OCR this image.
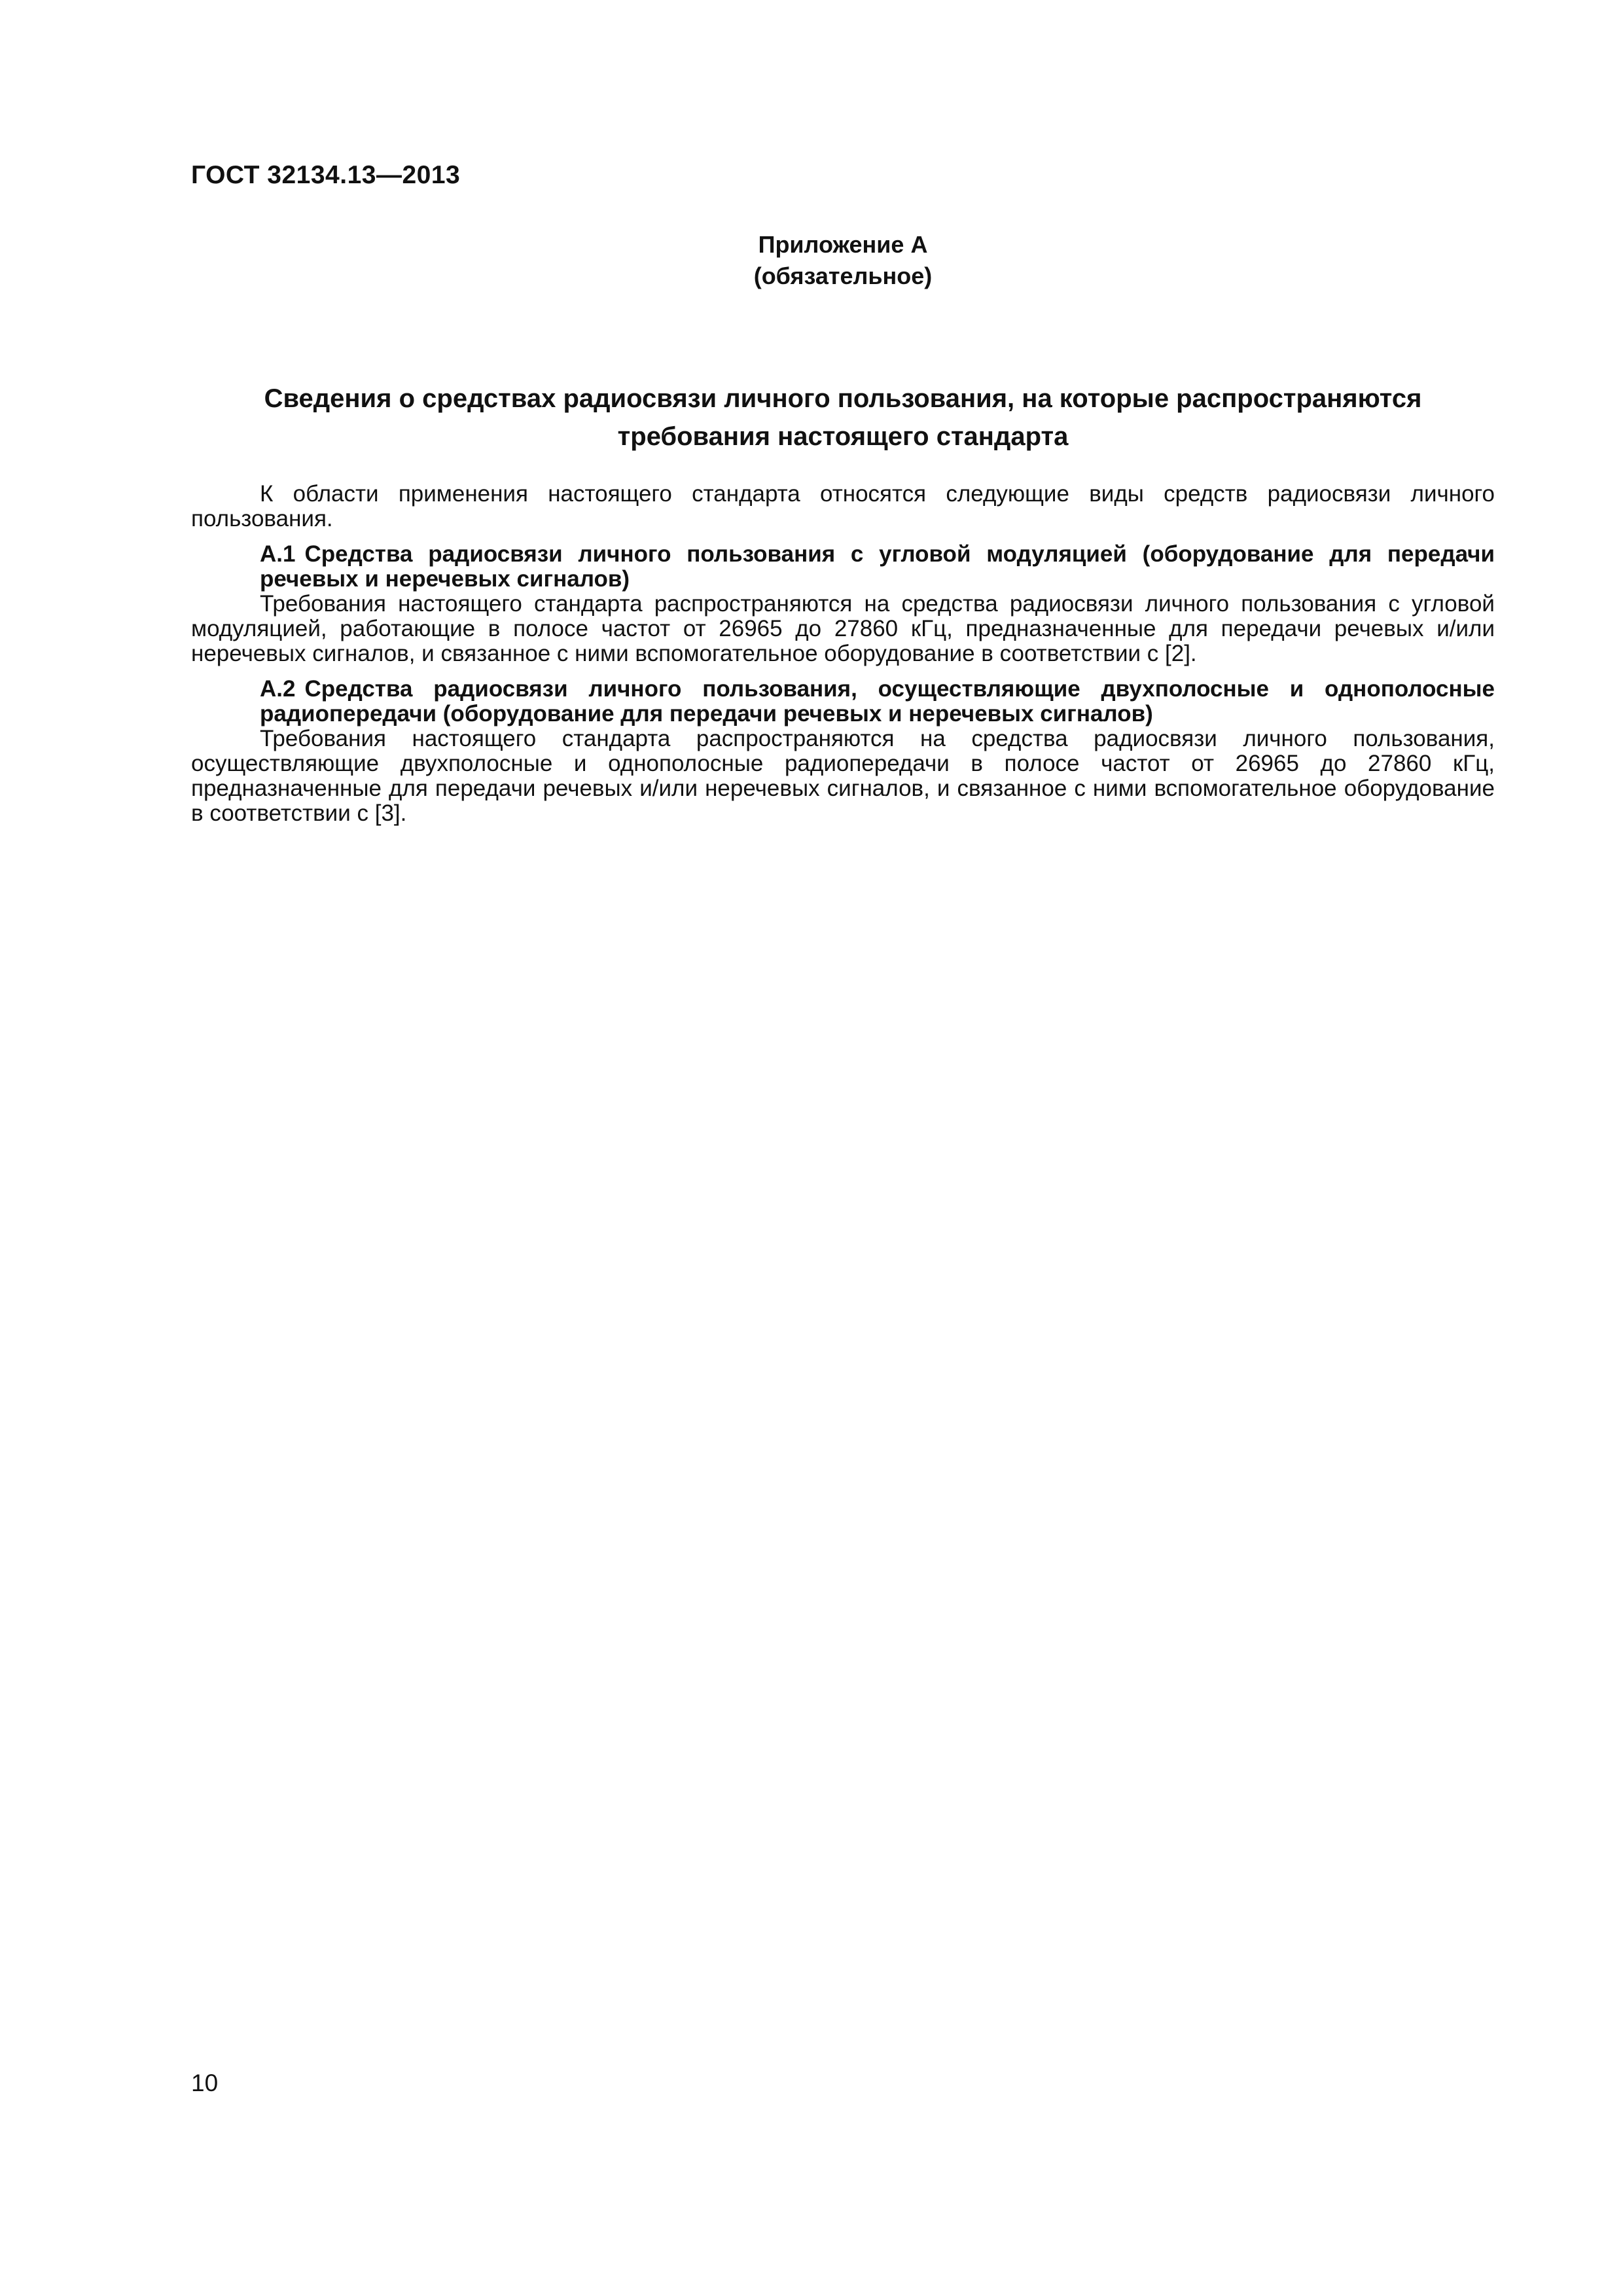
ГОСТ 32134.13—2013
Приложение А
(обязательное)
Сведения о средствах радиосвязи личного пользования, на которые распространяются
требования настоящего стандарта

К области применения настоящего стандарта относятся следующие виды средств радиосвязи личного пользования.

А.1 Средства радиосвязи личного пользования с угловой модуляцией (оборудование для передачи речевых и неречевых сигналов)

Требования настоящего стандарта распространяются на средства радиосвязи личного пользования с угловой модуляцией, работающие в полосе частот от 26965 до 27860 кГц, предназначенные для передачи речевых и/или неречевых сигналов, и связанное с ними вспомогательное оборудование в соответствии с [2].

А.2 Средства радиосвязи личного пользования, осуществляющие двухполосные и однополосные радиопередачи (оборудование для передачи речевых и неречевых сигналов)

Требования настоящего стандарта распространяются на средства радиосвязи личного пользования, осуществляющие двухполосные и однополосные радиопередачи в полосе частот от 26965 до 27860 кГц, предназначенные для передачи речевых и/или неречевых сигналов, и связанное с ними вспомогательное оборудование в соответствии с [3].

10
